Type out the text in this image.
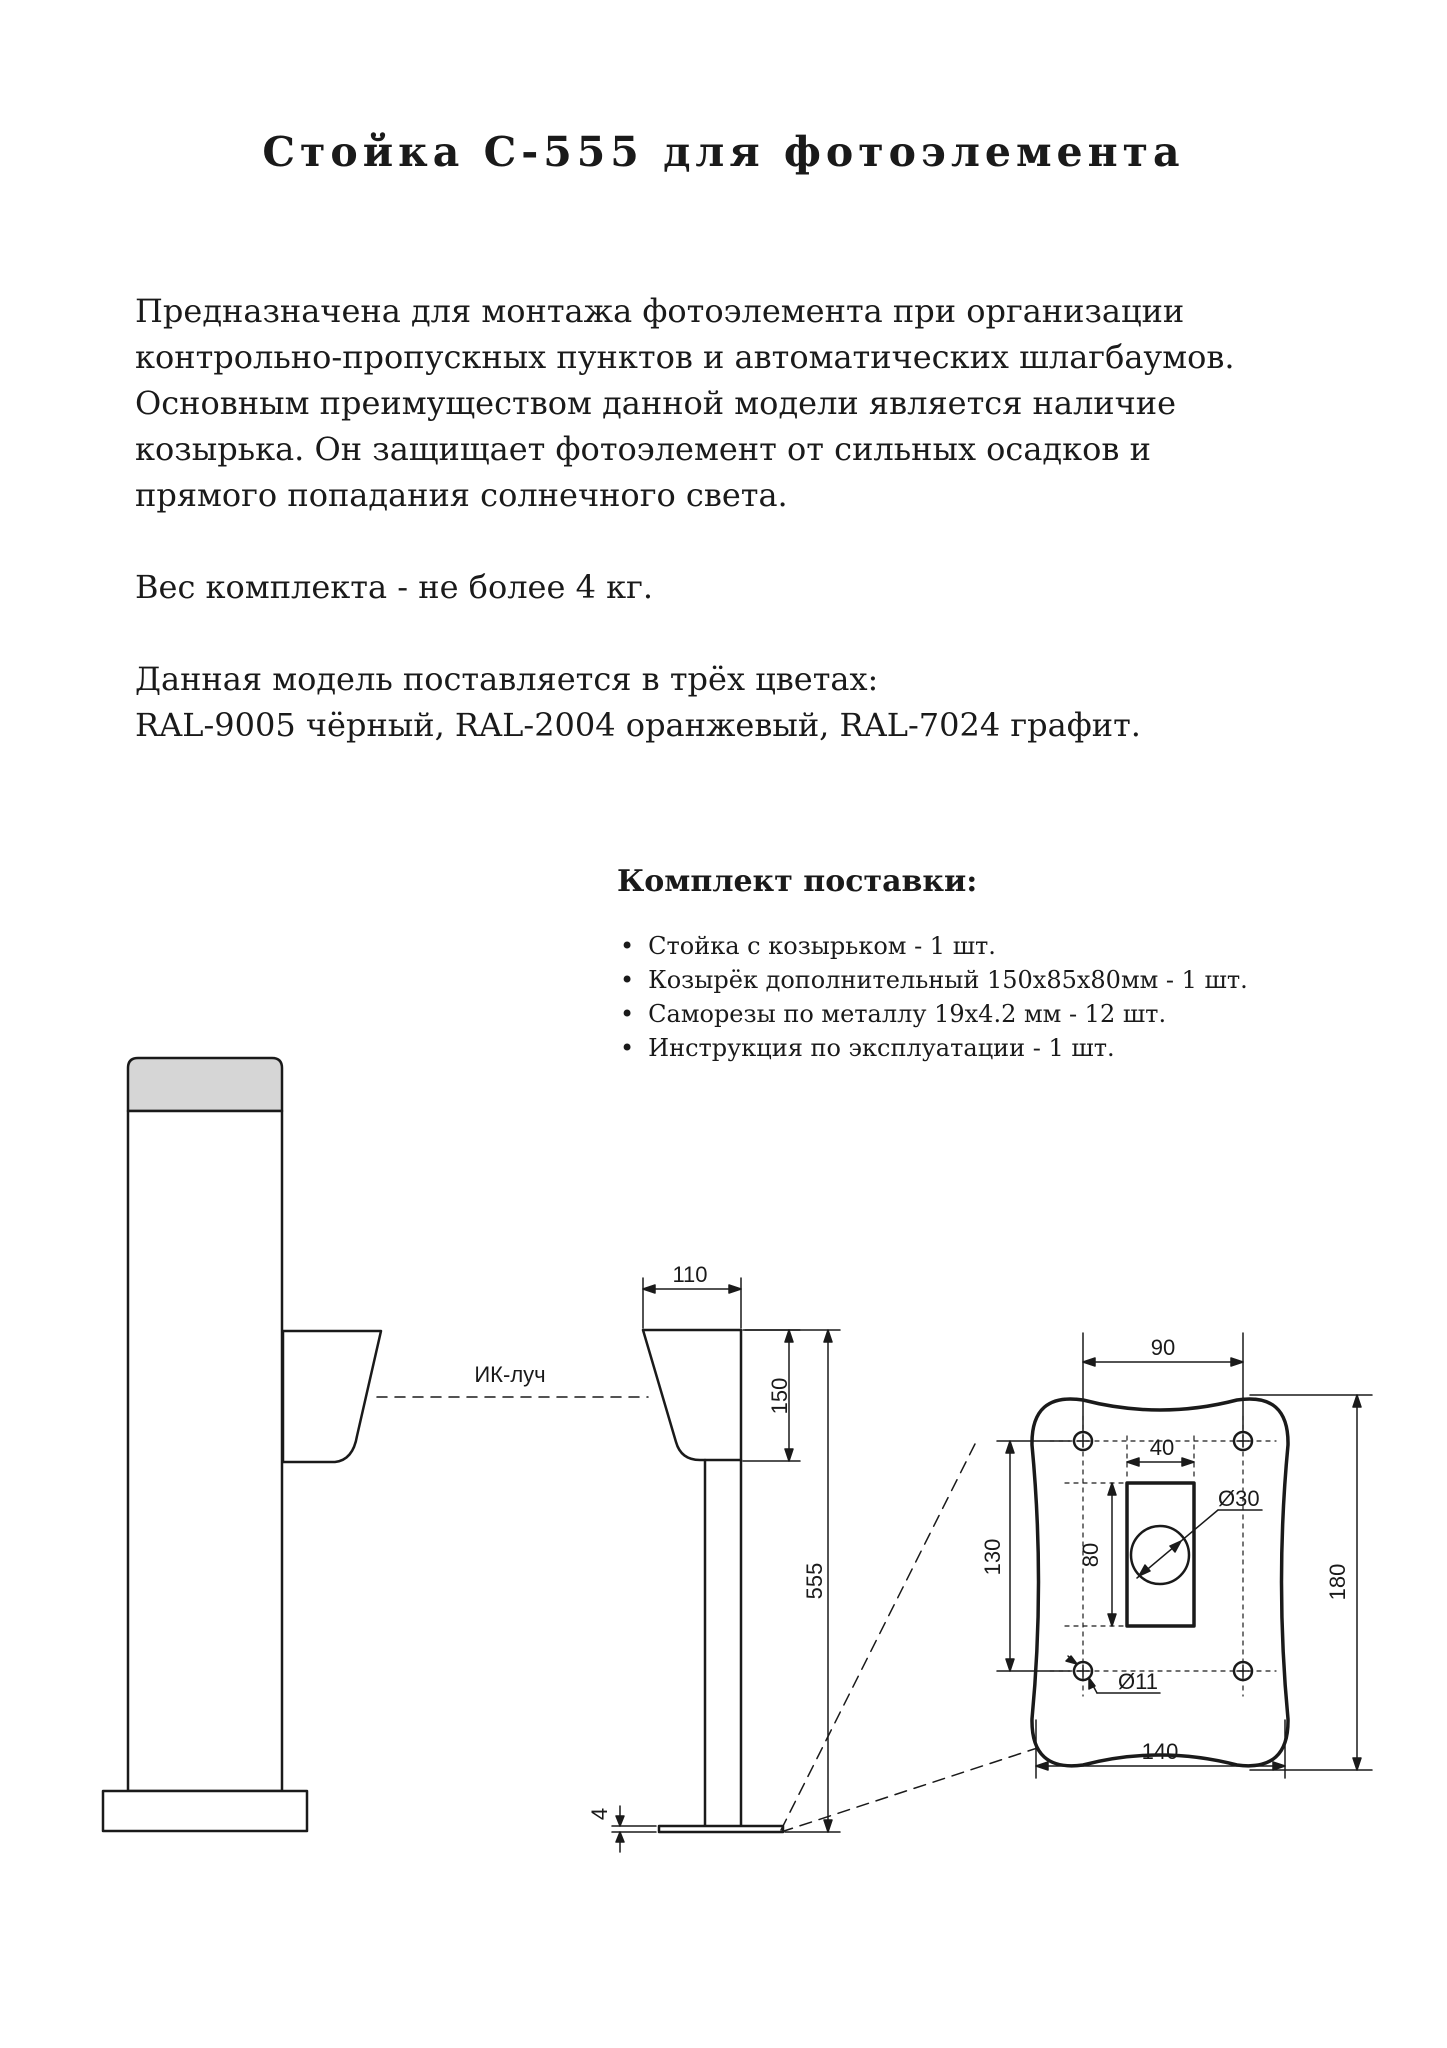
Стойка С-555 для фотоэлемента

Предназначена для монтажа фотоэлемента при организации
контрольно-пропускных пунктов и автоматических шлагбаумов.
Основным преимуществом данной модели является наличие
козырька. Он защищает фотоэлемент от сильных осадков и
прямого попадания солнечного света.

Вес комплекта - не более 4 кг.

Данная модель поставляется в трёх цветах:
RAL-9005 чёрный, RAL-2004 оранжевый, RAL-7024 графит.

Комплект поставки:
• Стойка с козырьком - 1 шт.
• Козырёк дополнительный 150x85x80мм - 1 шт.
• Саморезы по металлу 19x4.2 мм - 12 шт.
• Инструкция по эксплуатации - 1 шт.
ИК-луч
110
150
555
4
90
40
Ø30
80
130
180
Ø11
140
